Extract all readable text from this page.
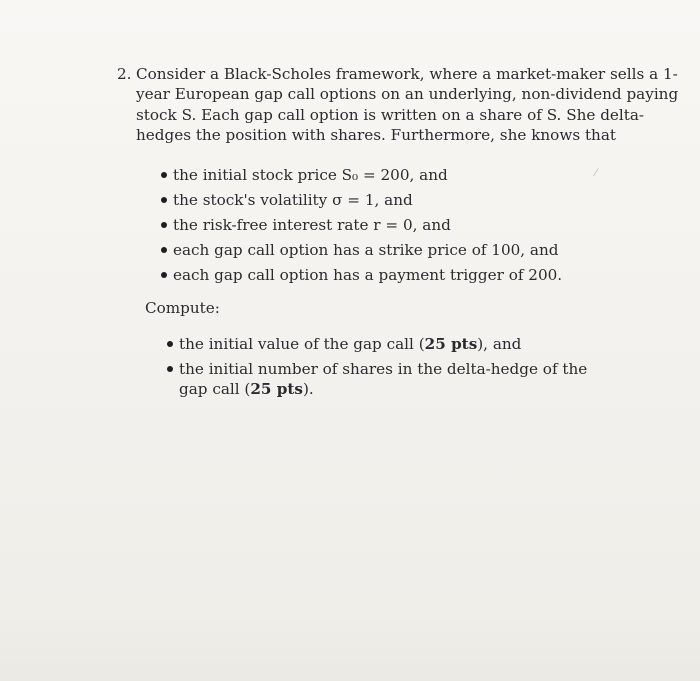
2. Consider a Black-Scholes framework, where a market-maker sells a 1-
year European gap call options on an underlying, non-dividend paying
stock S. Each gap call option is written on a share of S. She delta-
hedges the position with shares. Furthermore, she knows that
the initial stock price S₀ = 200, and
the stock's volatility σ = 1, and
the risk-free interest rate r = 0, and
each gap call option has a strike price of 100, and
each gap call option has a payment trigger of 200.
Compute:
the initial value of the gap call (25 pts), and
the initial number of shares in the delta-hedge of the gap call (25 pts).
⁄
